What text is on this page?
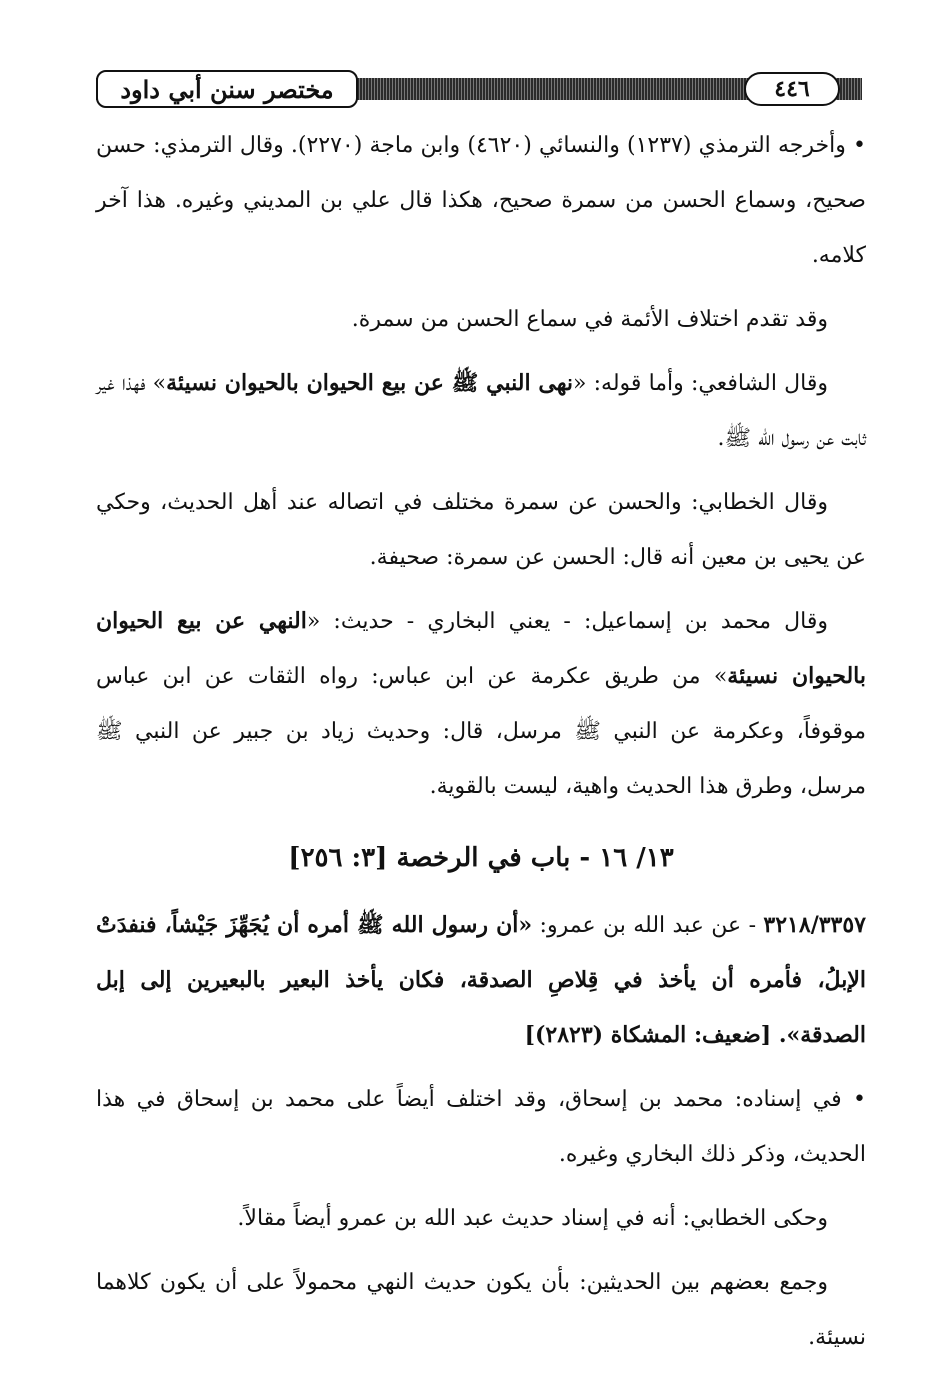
مختصر سنن أبي داود	٤٤٦

• وأخرجه الترمذي (١٢٣٧) والنسائي (٤٦٢٠) وابن ماجة (٢٢٧٠). وقال الترمذي: حسن صحيح، وسماع الحسن من سمرة صحيح، هكذا قال علي بن المديني وغيره. هذا آخر كلامه.

وقد تقدم اختلاف الأئمة في سماع الحسن من سمرة.

وقال الشافعي: وأما قوله: «نهى النبي ﷺ عن بيع الحيوان بالحيوان نسيئة» فهذا غير ثابت عن رسول الله ﷺ.

وقال الخطابي: والحسن عن سمرة مختلف في اتصاله عند أهل الحديث، وحكي عن يحيى بن معين أنه قال: الحسن عن سمرة: صحيفة.

وقال محمد بن إسماعيل: - يعني البخاري - حديث: «النهي عن بيع الحيوان بالحيوان نسيئة» من طريق عكرمة عن ابن عباس: رواه الثقات عن ابن عباس موقوفاً، وعكرمة عن النبي ﷺ مرسل، قال: وحديث زياد بن جبير عن النبي ﷺ مرسل، وطرق هذا الحديث واهية، ليست بالقوية.

١٣/ ١٦ - باب في الرخصة [٣: ٢٥٦]

٣٢١٨/٣٣٥٧ - عن عبد الله بن عمرو: «أن رسول الله ﷺ أمره أن يُجَهِّزَ جَيْشاً، فنفدَتْ الإبلُ، فأمره أن يأخذ في قِلاصِ الصدقة، فكان يأخذ البعير بالبعيرين إلى إبل الصدقة». [ضعيف: المشكاة (٢٨٢٣)]

• في إسناده: محمد بن إسحاق، وقد اختلف أيضاً على محمد بن إسحاق في هذا الحديث، وذكر ذلك البخاري وغيره.

وحكى الخطابي: أنه في إسناد حديث عبد الله بن عمرو أيضاً مقالاً.

وجمع بعضهم بين الحديثين: بأن يكون حديث النهي محمولاً على أن يكون كلاهما نسيئة.
